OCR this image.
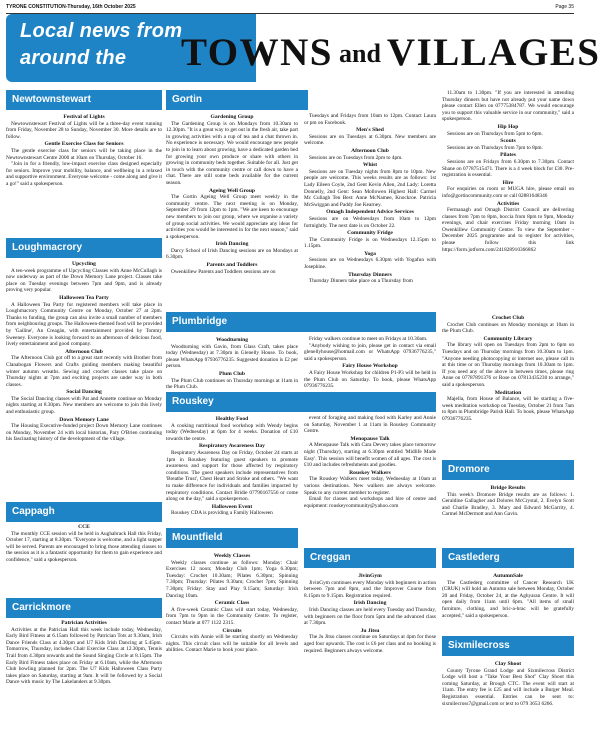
TYRONE CONSTITUTION-Thursday, 16th October 2025	Page 35
Local news from
around the TOWNS and VILLAGES
Newtownstewart
Festival of Lights

Newtownstewart Festival of Lights will be a three-day event running from Friday, November 28 to Sunday, November 30. More details are to follow.

Gentle Exercise Class for Seniors

The gentle exercise class for seniors will be taking place in the Newtownstewart Centre 2000 at 10am on Thursday, October 16.

"Join in for a friendly, low-impact exercise class designed especially for seniors. Improve your mobility, balance, and wellbeing in a relaxed and supportive environment. Everyone welcome - come along and give it a go!" said a spokesperson.

Loughmacrory
Upcycling

A ten-week programme of Upcycling Classes with Anne McCullagh is now underway as part of the Down Memory Lane project. Classes take place on Tuesday evenings between 7pm and 9pm, and is already proving very popular.

Halloween Tea Party

A Halloween Tea Party for registered members will take place in Loughmacrory Community Centre on Monday, October 27 at 2pm. Thanks to funding, the group can also invite a small number of members from neighbouring groups. The Halloween-themed food will be provided by 'Gailine', An Creagán, with entertainment provided by Tommy Sweeney. Everyone is looking forward to an afternoon of delicious food, lively entertainment and good company.

Afternoon Club

The Afternoon Club got off to a great start recently with Brother from Clanabogan Flowers and Crafts guiding members making beautiful winter autumn wreaths. Sewing and crochet classes take place on Thursday nights at 7pm and exciting projects are under way in both classes.

Social Dancing

The Social Dancing classes with Pat and Annette continue on Monday nights starting at 8.30pm. New members are welcome to join this lively and enthusiastic group.

Down Memory Lane

The Housing Executive-funded project Down Memory Lane continues on Monday, November 24 with local historian, Pary O'Brien continuing his fascinating history of the development of the village.

Cappagh
CCE

The monthly CCE session will be held in Aughabrack Hall this Friday, October 17, starting at 8.30pm. "Everyone is welcome, and a light supper will be served. Parents are encouraged to bring those attending classes to the session as it is a fantastic opportunity for them to gain experience and confidence," said a spokesperson.

Carrickmore
Patrician Activities

Activities at the Patrician Hall this week include today, Wednesday, Early Bird Fitness at 6.15am followed by Patrician Tots at 9.30am, Irish Dance Friends Class at 4.30pm and U7 Kids Irish Dancing at 5.45pm. Tomorrow, Thursday, includes Chair Exercise Class at 12.30pm, Tennis Trail from 4.30pm onwards and the Sound Singing Circle at 8.15pm. The Early Bird Fitness takes place on Friday at 6.10am, while the Afternoon Club bowling planned for 2pm. The U7 Kids Halloween Class Party takes place on Saturday, starting at 9am. It will be followed by a Social Dance with music by The Lakelanders at 9.30pm.

Gortin
Gardening Group

The Gardening Group is on Mondays from 10.30am to 12.30pm. "It is a great way to get out in the fresh air, take part in growing activities with a cup of tea and a chat thrown in. No experience is necessary. We would encourage new people to join in to learn about growing, have a dedicated garden bed for growing your own produce or share with others in growing in community beds together. Suitable for all. Just get in touch with the community centre or call down to have a chat. There are still some beds available for the current season.

Ageing Well Group

The Gortin Ageing Well Group meet weekly in the community centre. The next meeting is on Monday, September 29 from 12pm to 1pm. "We are keen to encourage new members to join our group, where we organise a variety of group social activities. We would appreciate any ideas for activities you would be interested in for the next season," said a spokesperson.

Irish Dancing

Darcy School of Irish Dancing sessions are on Mondays at 6.30pm.

Parents and Toddlers

Owenkillew Parents and Toddlers sessions are on

Tuesdays and Fridays from 10am to 12pm. Contact Laura or pm on Facebook.

Men's Shed

Sessions are on Tuesdays at 6.30pm. New members are welcome.

Afternoon Club

Sessions are on Tuesdays from 2pm to 4pm.

Whist

Sessions are on Tuesday nights from 8pm to 10pm. New people are welcome. This weeks results are as follows: 1st Lady Eileen Coyle, 2nd Gent Kevin Allen, 2nd Lady: Loretta Donnelly, 2nd Gent: Sean Mollowen Highest Hall: Carmel Mc Cullagh Ten Best: Anne McNamee, Knockroe. Patricia McSwiggan and Paddy Joe Kearney.

Omagh Independent Advice Services

Sessions are on Wednesdays from 10am to 12pm fortnightly. The next date is on October 22.

Community Fridge

The Community Fridge is on Wednesdays 12.15pm to 1.15pm.

Yoga

Sessions are on Wednesdays 6.30pm with Yogafun with Josephine.

Thursday Dinners

Thursday Dinners take place on a Thursday from

11.30am to 1.30pm. "If you are interested in attending Thursday dinners but have not already put your name down please contact Ellen on 07775384787. We would encourage you to support this valuable service in our community," said a spokesperson.

Hip Hop

Sessions are on Thursdays from 5pm to 6pm.

Scouts

Sessions are on Thursdays from 7pm to 8pm.

Pilates

Sessions are on Fridays from 6.30pm to 7.30pm. Contact Shane on 07787515471. There is a 4 week block for £30. Pre-registration is essential.

Hire

For enquiries on room or MUGA hire, please email on info@gortincommunity.com or call 02881648346

Activities

Fermanagh and Omagh District Council are delivering classes from 7pm to 8pm, boccia from 8pm to 9pm, Monday evenings, and chair exercises Friday morning 10am in Owenkillew Community Centre. To view the September - December 2025 programme and to register for activities, please follow this link https://form.jotform.com/241828910366862

Plumbridge
Woodturning

Woodturning with Gavin, from Glass Craft, takes place today (Wednesday) at 7.30pm in Glenelly House. To book, please WhatsApp 07936776235. Suggested donation is £2 per person.

Plum Club

The Plum Club continues on Thursday mornings at 11am in the Plum Club.

Friday walkers continue to meet on Fridays at 10.30am.

"Anybody wishing to join, please get in contact via email glenellyhouse@hotmail.com or WhatsApp 07936776235," said a spokesperson.

Fairy House Workshop

A Fairy House Workshop for children P1-P3 will be held in the Plum Club on Saturday. To book, please WhatsApp 07936776235.

Crochet Club

Crochet Club continues on Monday mornings at 10am in the Plum Club.

Community Library

The library will open on Tuesdays from 2pm to 6pm on Tuesdays and on Thursday mornings from 10.30am to 1pm. "Anyone needing photocopying or internet use, please call in at this time or on Thursday mornings from 10.30am to 1pm. If you need any of the above in between times, please ring Anne on 07787891376 or Rose on 07813435230 to arrange," said a spokesperson.

Meditation

Majella, from House of Balance, will be starting a five-week meditation workshop on Tuesday, October 21 from 7am to 8pm in Plumbridge Parish Hall. To book, please WhatsApp 07936776235.

Rouskey
Healthy Food

A cooking nutritional food workshop with Wendy begins today (Wednesday) at 6pm for 4 weeks. Donation of £10 towards the centre.

Respiratory Awareness Day

Respiratory Awareness Day on Friday, October 24 starts at 1pm in Rouskey featuring guest speakers to promote awareness and support for those affected by respiratory conditions. The guest speakers include representatives from 'Breathe Trust', Chest Heart and Stroke and others. "We want to make difference for individuals and families impacted by respiratory conditions. Contact Bridie 07790167556 or come along on the day," said a spokesperson.

Halloween Event

Rouskey CDA is providing a Family Halloween

event of foraging and making food with Karley and Annie on Saturday, November 1 at 11am in Rouskey Community Centre.

Menopause Talk

A Menopause Talk with Cara Devery takes place tomorrow night (Thursday), starting at 6.30pm entitled 'Midlife Made Easy'. This session will benefit women of all ages. The cost is £10 and includes refreshments and goodies.

Rouskey Walkers

The Rouskey Walkers meet today, Wednesday at 10am at various destinations. New walkers are always welcome. Speak to any current member to register.

Email for classes and workshops and hire of centre and equipment: rouskeycommunity@yahoo.com

Dromore
Bridge Results

This week's Dromore Bridge results are as follows: 1. Geraldine Gallagher and Dolores McCrystal, 2. Evelyn Scott and Charlie Bradley, 3. Mary and Edward McGarrity, 4. Carmel McDermott and Ann Gavin.

Mountfield
Weekly Classes

Weekly classes continue as follows: Monday: Chair Exercises 12 noon; Monday Club 1pm; Yoga 6.30pm; Tuesday: Crochet 10.30am; Pilates 6.30pm; Spinning 7.30pm; Thursday: Pilates 9.30am; Crochet 7pm; Spinning 7.30pm; Friday: Stay and Play 9.15am; Saturday: Irish Dancing 10am.

Ceramic Class

A five-week Ceramic Class will start today, Wednesday, from 7pm to 9pm in the Community Centre. To register, contact Marie at 077 1122 2315.

Circuits

Circuits with Annie will be starting shortly on Wednesday nights. This circuit class will be suitable for all levels and abilities. Contact Marie to book your place.

Creggan
JivinGym

JivinGym continues every Monday with beginners in action between 7pm and 8pm, and the Improver Course from 8.15pm to 9.15pm. Registration required.

Irish Dancing

Irish Dancing classes are held every Tuesday and Thursday, with beginners on the floor from 5pm and the advanced class at 7.30pm.

Ju Jitsu

The Ju Jitsu classes continue on Saturdays at 4pm for those aged four upwards. The cost is £6 per class and no booking is required. Beginners always welcome.

Castlederg
AutumnSale

The Castlederg committee of Cancer Research UK (CRUK) will hold an Autumn sale between Monday, October 20 and Friday, October 24, at the Aghyaran Centre. It will open daily from 11am until 6pm. "All items of small furniture, clothing, and bric-a-brac will be gratefully accepted," said a spokesperson.

Sixmilecross
Clay Shoot

County Tyrone Grand Lodge and Sixmilecross District Lodge will host a "Take Your Best Shot" Clay Shoot this coming Saturday, at Brough CTC. The event will start at 11am. The entry fee is £25 and will include a Burger Meal. Registration essential. Entries can be sent to: sixmilecross7@gmail.com or text to 079 3653 6266.
